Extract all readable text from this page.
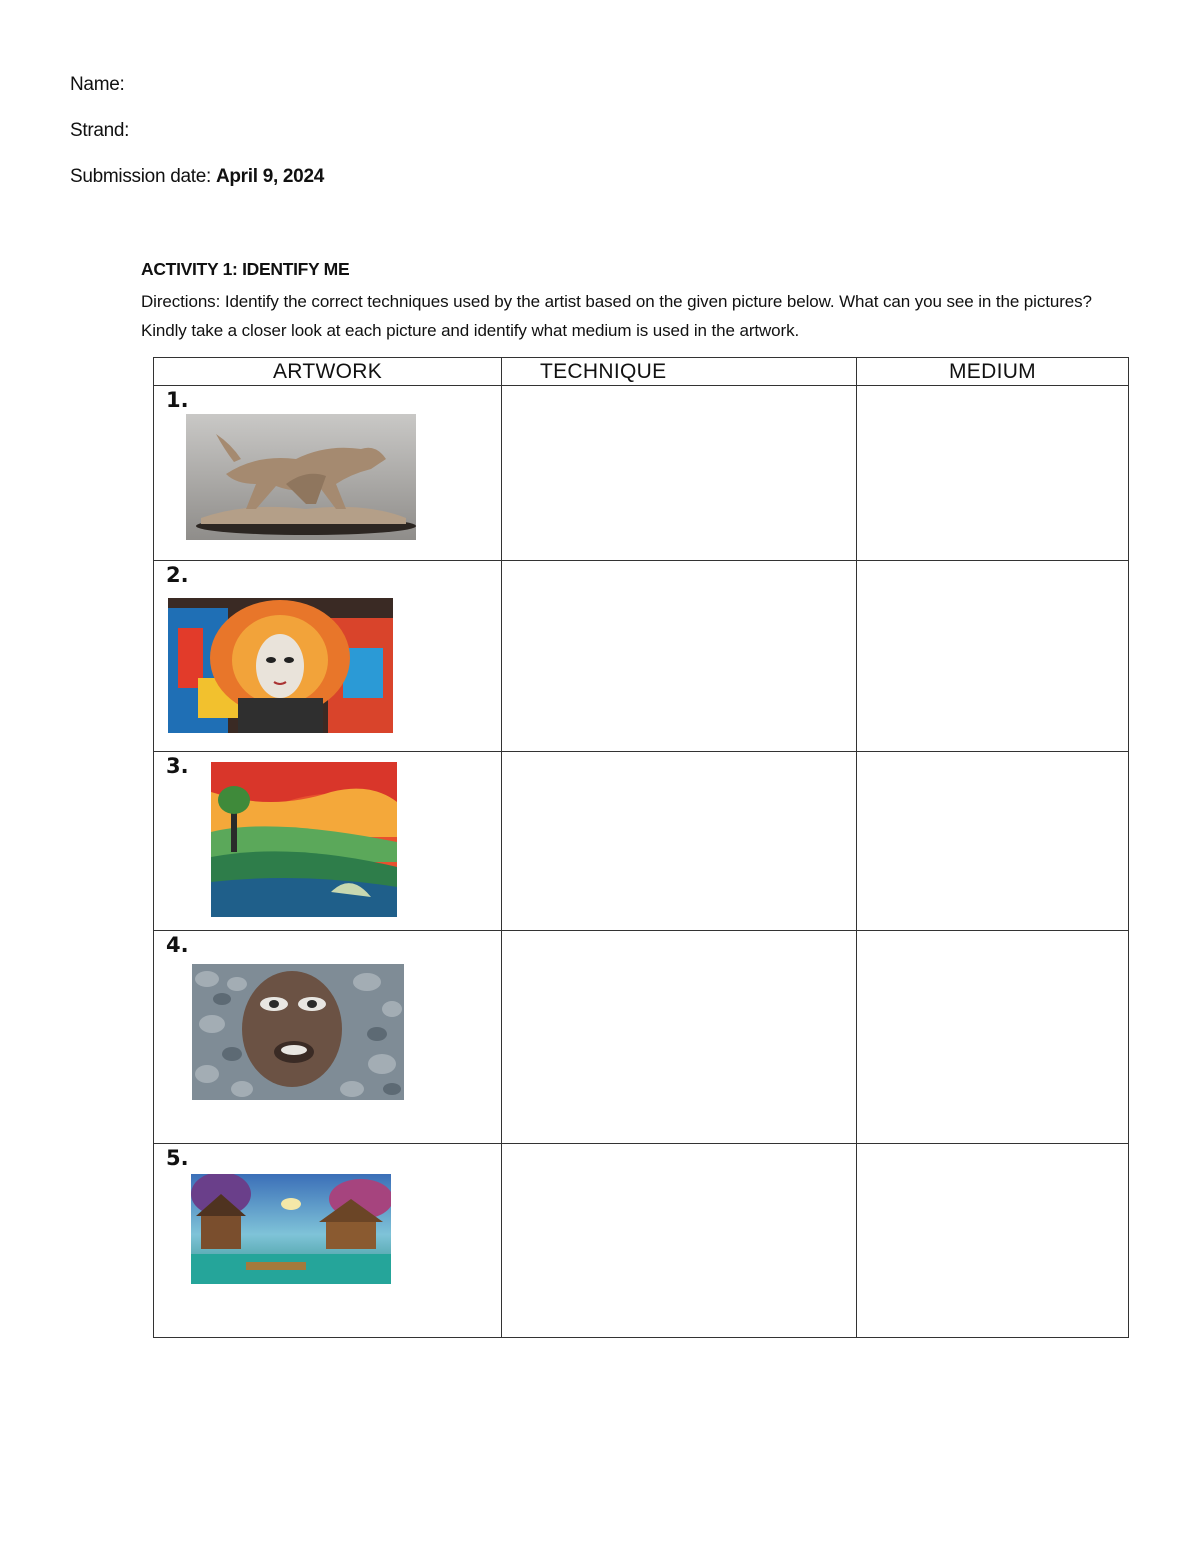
Name:
Strand:
Submission date: April 9, 2024
ACTIVITY 1: IDENTIFY ME
Directions: Identify the correct techniques used by the artist based on the given picture below. What can you see in the pictures? Kindly take a closer look at each picture and identify what medium is used in the artwork.
ARTWORK	TECHNIQUE	MEDIUM

1.		

2.		

3.		

4.		

5.		
